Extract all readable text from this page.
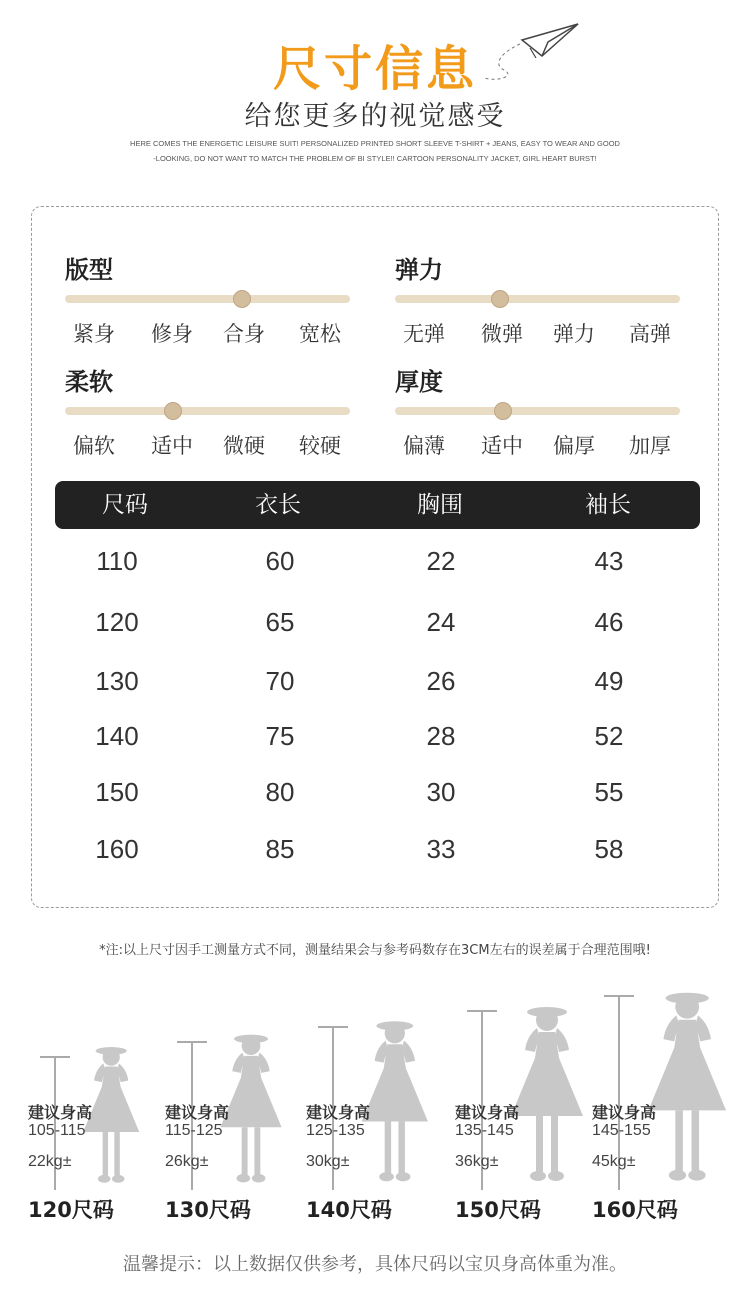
尺寸信息
给您更多的视觉感受
HERE COMES THE ENERGETIC LEISURE SUIT! PERSONALIZED PRINTED SHORT SLEEVE T-SHIRT + JEANS, EASY TO WEAR AND GOOD
-LOOKING, DO NOT WANT TO MATCH THE PROBLEM OF BI STYLE!! CARTOON PERSONALITY JACKET, GIRL HEART BURST!
版型
紧身 修身 合身 宽松
弹力
无弹 微弹 弹力 高弹
柔软
偏软 适中 微硬 较硬
厚度
偏薄 适中 偏厚 加厚
尺码	衣长	胸围	袖长
110	60	22	43
120	65	24	46
130	70	26	49
140	75	28	52
150	80	30	55
160	85	33	58
*注:以上尺寸因手工测量方式不同，测量结果会与参考码数存在3CM左右的误差属于合理范围哦!
建议身高
105-115
22kg±
120尺码
建议身高
115-125
26kg±
130尺码
建议身高
125-135
30kg±
140尺码
建议身高
135-145
36kg±
150尺码
建议身高
145-155
45kg±
160尺码
温馨提示：以上数据仅供参考，具体尺码以宝贝身高体重为准。
